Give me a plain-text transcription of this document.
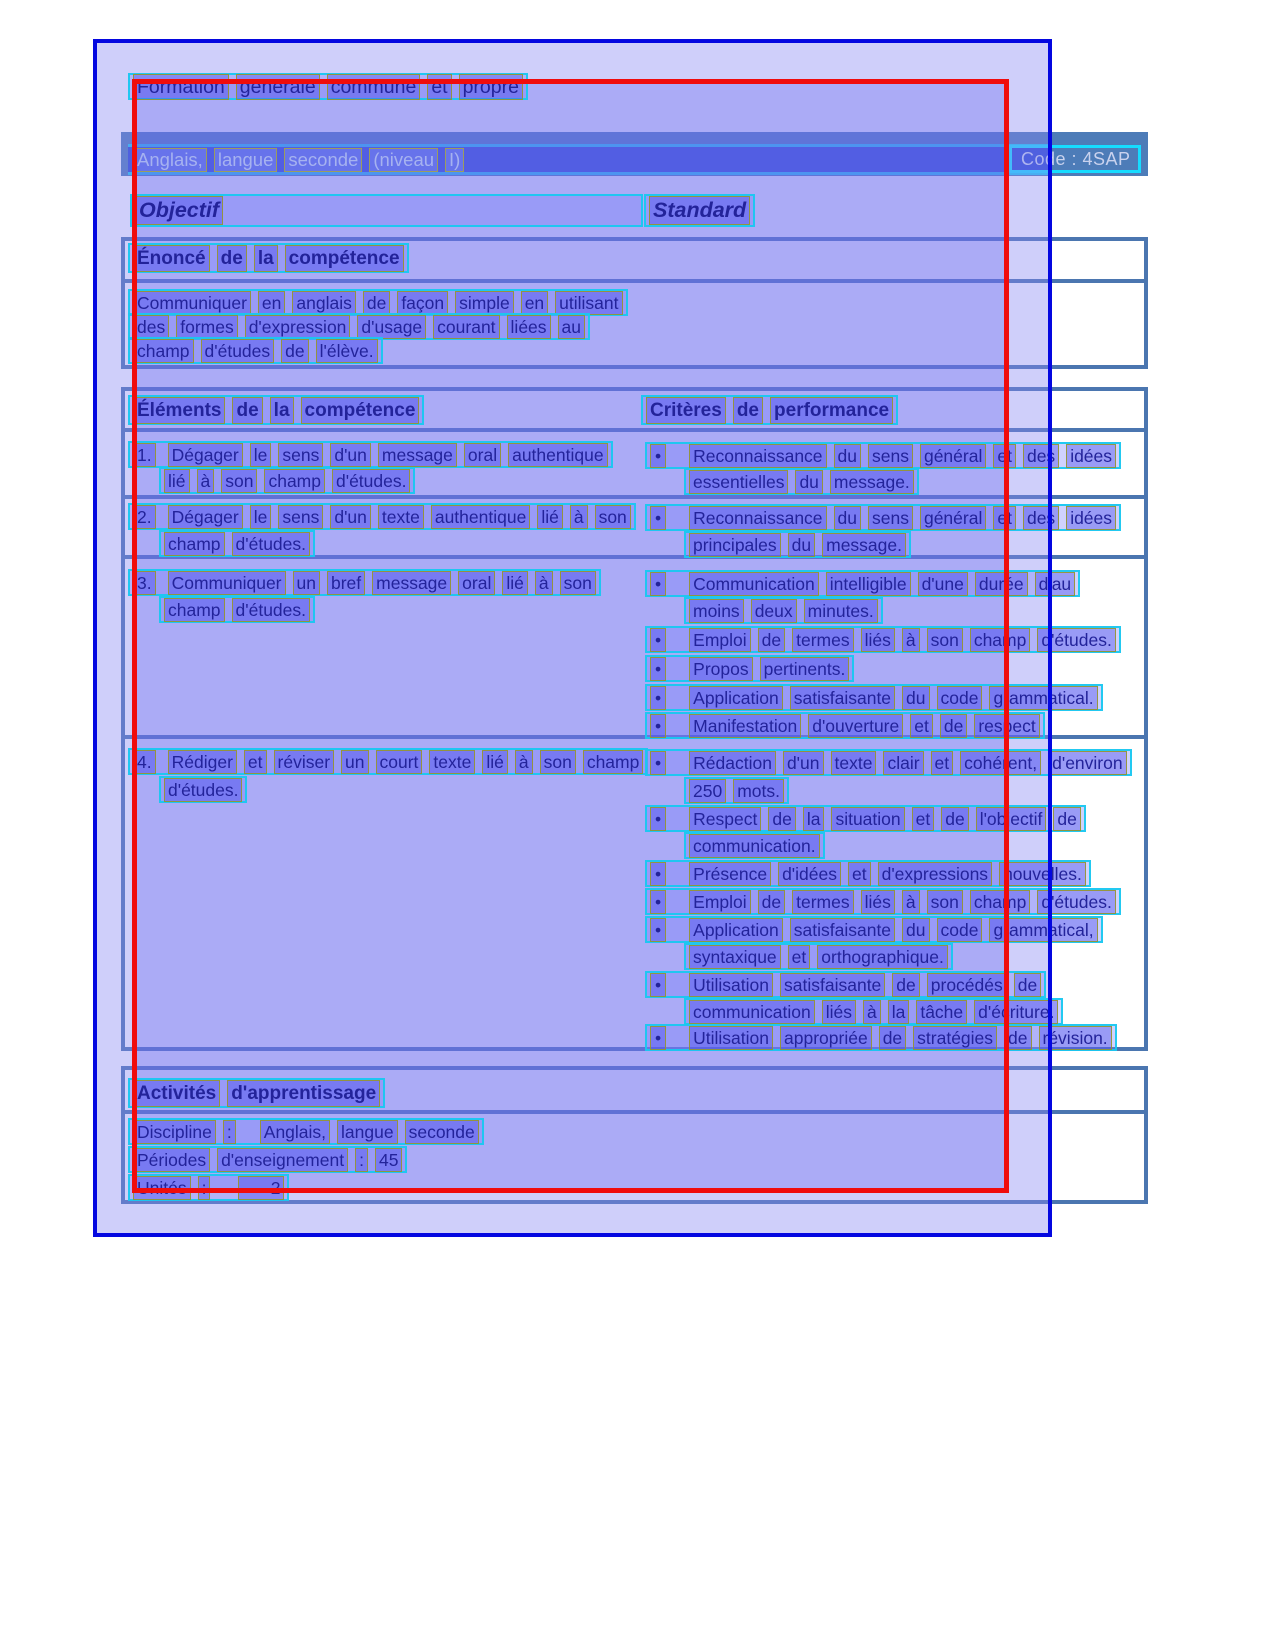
Code : 4SAP
Formation générale commune et propre
Anglais, langue seconde (niveau I)
Objectif	Standard
Énoncé de la compétence
Communiquer en anglais de façon simple en utilisant
des formes d'expression d'usage courant liées au
champ d'études de l'élève.
Éléments de la compétence	Critères de performance
1. Dégager le sens d'un message oral authentique
lié à son champ d'études.
• Reconnaissance du sens général et des idées
essentielles du message.
2. Dégager le sens d'un texte authentique lié à son
champ d'études.
• Reconnaissance du sens général et des idées
principales du message.
3. Communiquer un bref message oral lié à son
champ d'études.
• Communication intelligible d'une durée d'au
moins deux minutes.
• Emploi de termes liés à son champ d'études.
• Propos pertinents.
• Application satisfaisante du code grammatical.
• Manifestation d'ouverture et de respect
4. Rédiger et réviser un court texte lié à son champ
d'études.
• Rédaction d'un texte clair et cohérent, d'environ
250 mots.
• Respect de la situation et de l'objectif de
communication.
• Présence d'idées et d'expressions nouvelles.
• Emploi de termes liés à son champ d'études.
• Application satisfaisante du code grammatical,
syntaxique et orthographique.
• Utilisation satisfaisante de procédés de
communication liés à la tâche d'écriture.
• Utilisation appropriée de stratégies de révision.
Activités d'apprentissage
Discipline : Anglais, langue seconde
Périodes d'enseignement : 45
Unités :	2
